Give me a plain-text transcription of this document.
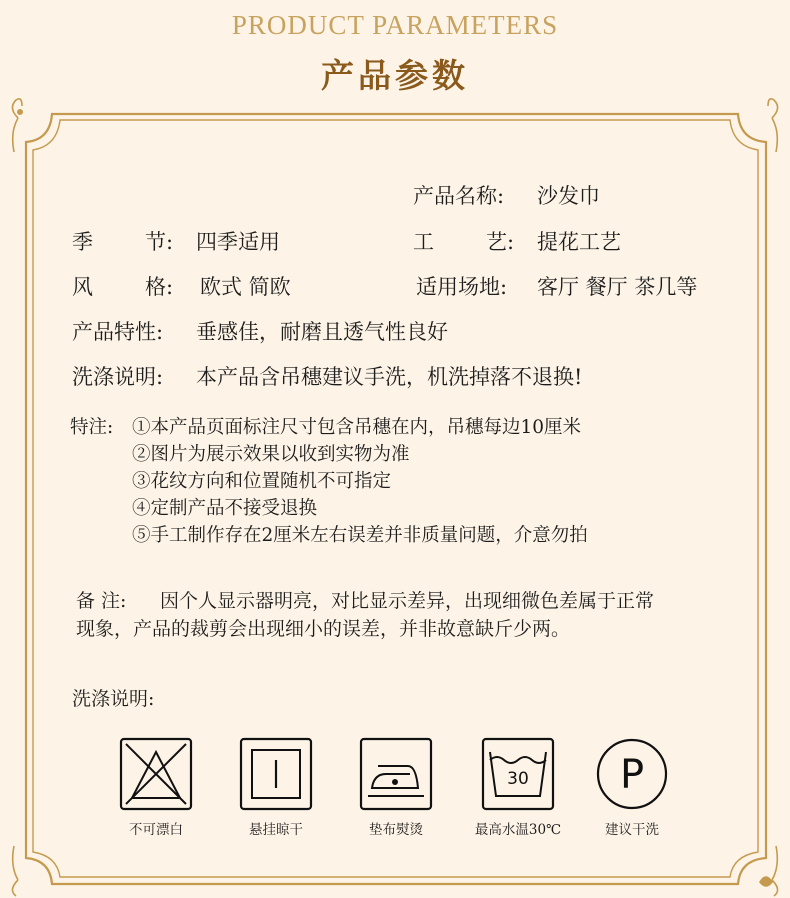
PRODUCT PARAMETERS
产品参数
产品名称: 沙发巾
季 节: 四季适用	工 艺: 提花工艺
风 格: 欧式 简欧	适用场地: 客厅 餐厅 茶几等
产品特性: 垂感佳，耐磨且透气性良好
洗涤说明: 本产品含吊穗建议手洗，机洗掉落不退换!
特注: ①本产品页面标注尺寸包含吊穗在内，吊穗每边10厘米
②图片为展示效果以收到实物为准
③花纹方向和位置随机不可指定
④定制产品不接受退换
⑤手工制作存在2厘米左右误差并非质量问题，介意勿拍
备 注: 因个人显示器明亮，对比显示差异，出现细微色差属于正常
现象，产品的裁剪会出现细小的误差，并非故意缺斤少两。
洗涤说明:
不可漂白	悬挂晾干	垫布熨烫
30
最高水温30℃
P
建议干洗
